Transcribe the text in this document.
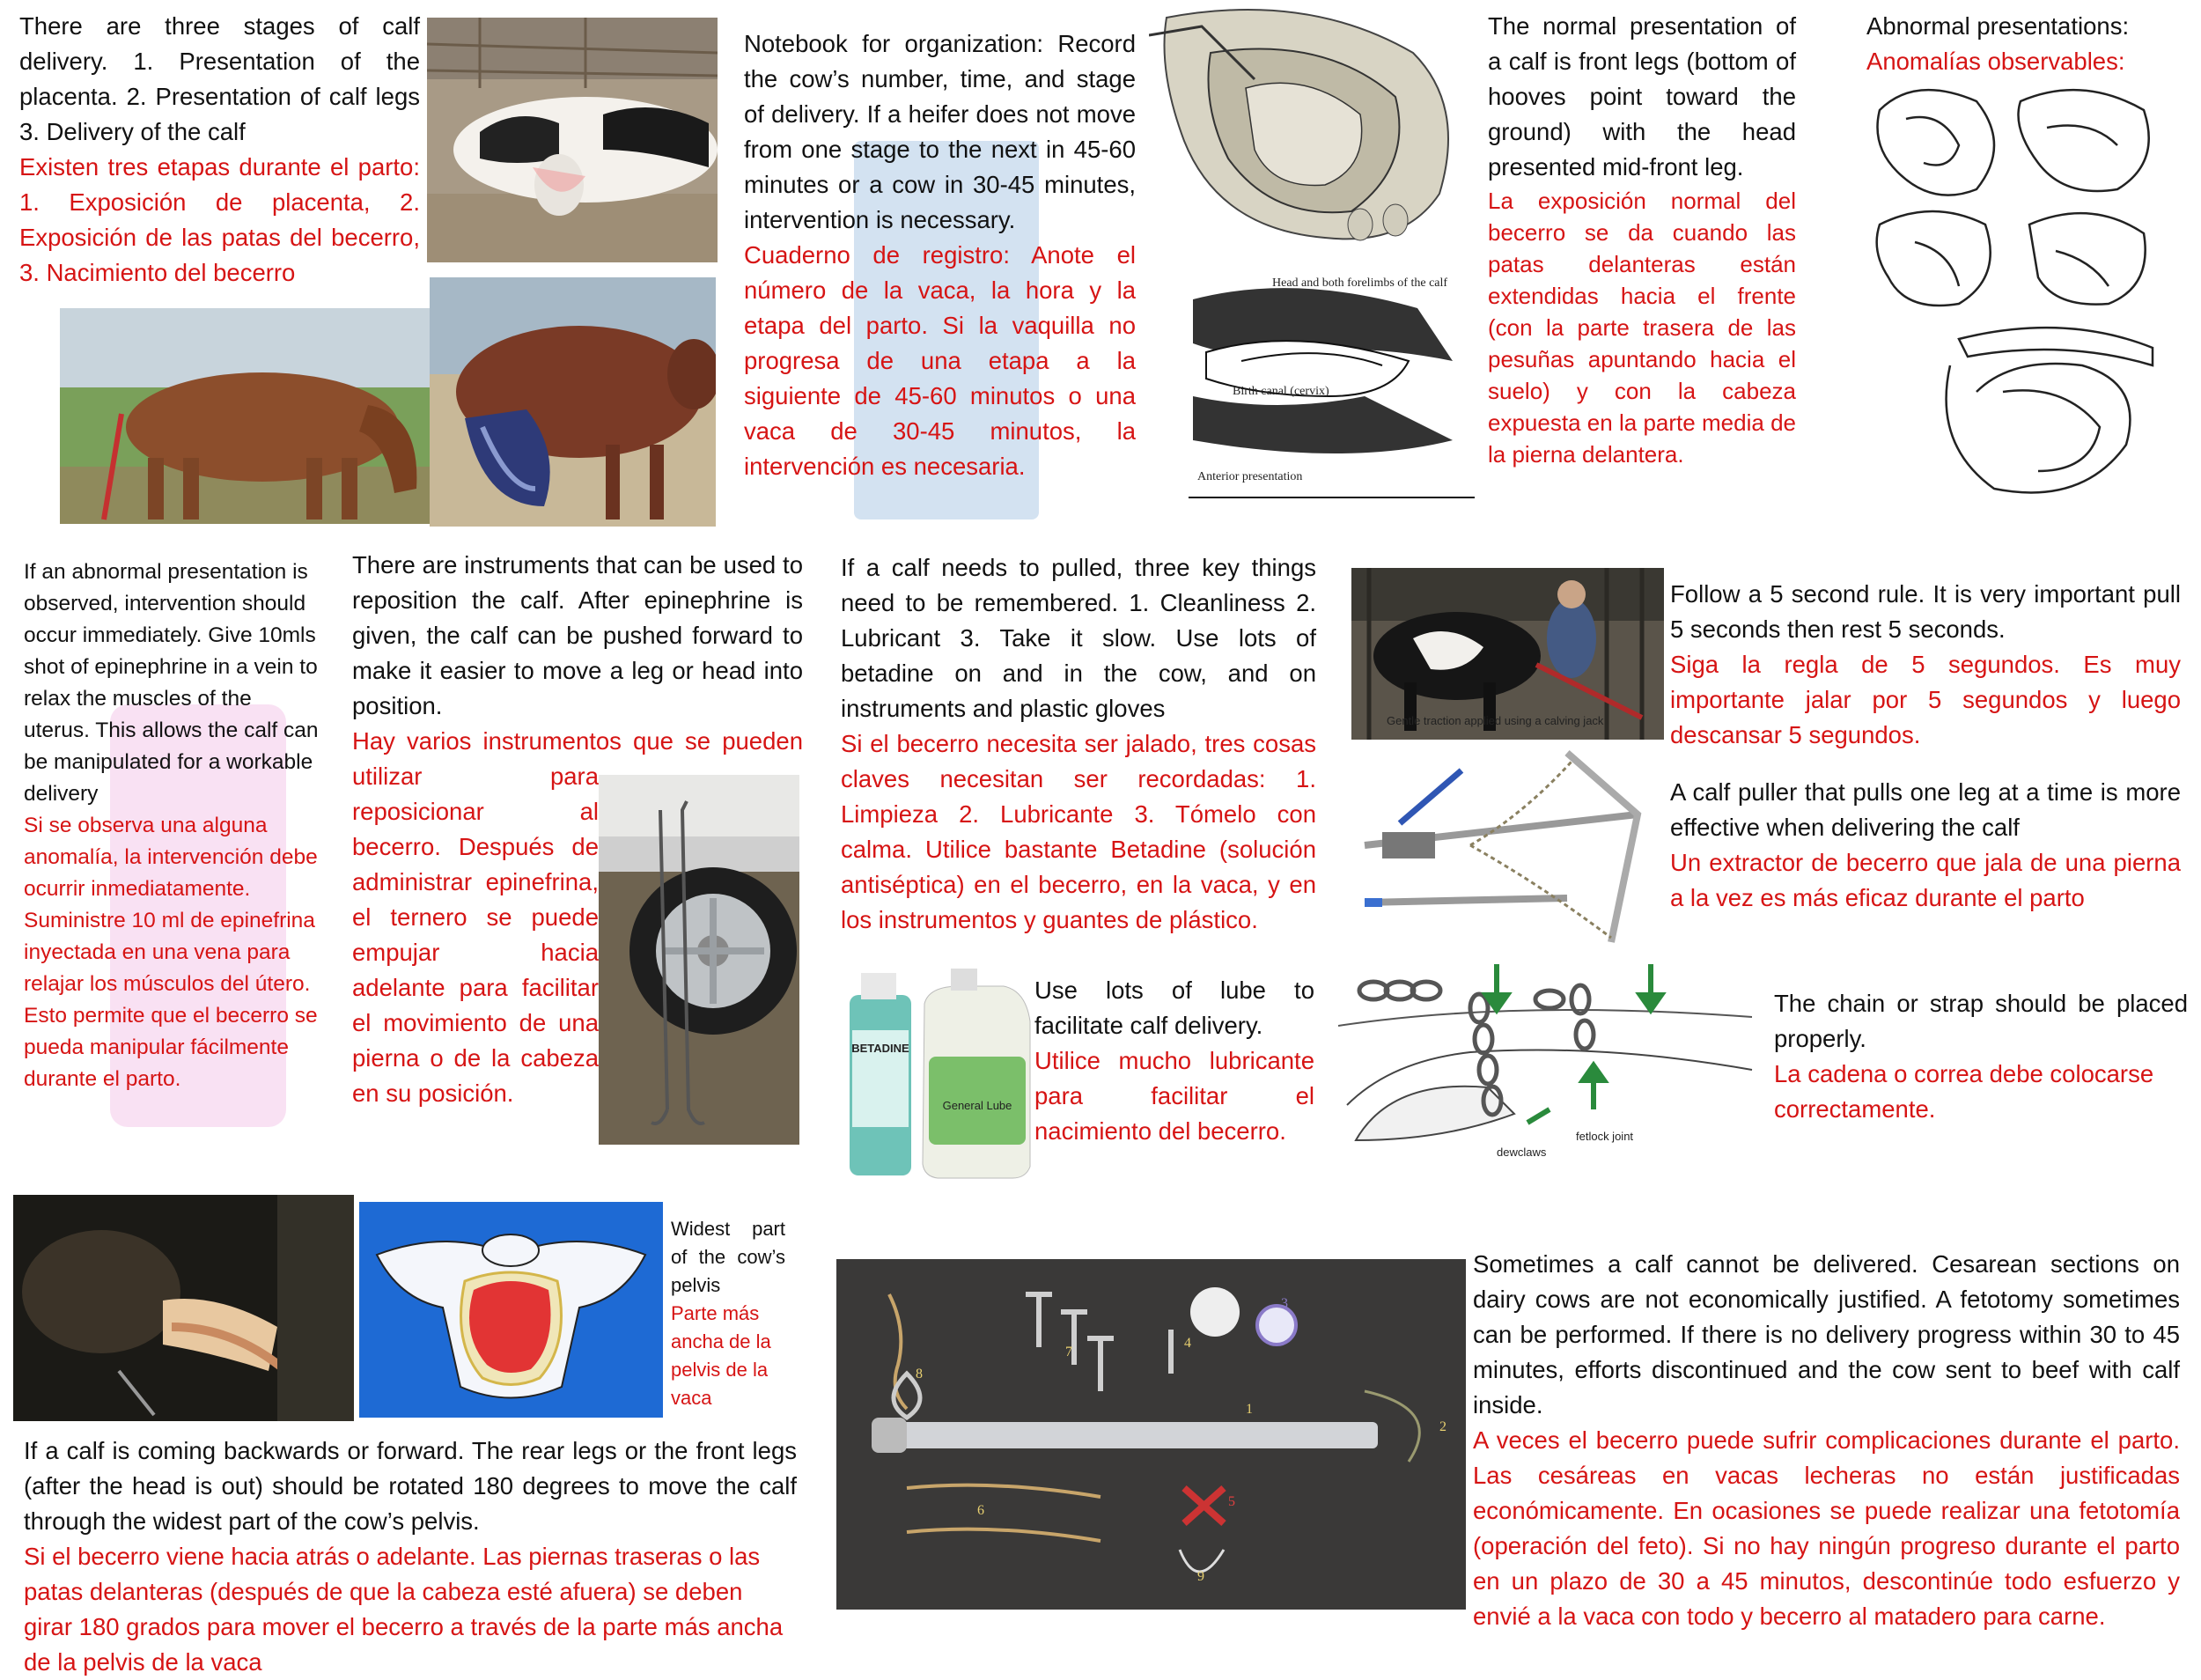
There are three stages of calf delivery. 1. Presentation of the placenta. 2. Presentation of calf legs 3. Delivery of the calf

Existen tres etapas durante el parto: 1. Exposición de placenta, 2. Exposición de las patas del becerro, 3. Nacimiento del becerro

Notebook for organization: Record the cow’s number, time, and stage of delivery. If a heifer does not move from one stage to the next in 45-60 minutes or a cow in 30-45 minutes, intervention is necessary.

Cuaderno de registro: Anote el número de la vaca, la hora y la etapa del parto. Si la vaquilla no progresa de una etapa a la siguiente de 45-60 minutos o una vaca de 30-45 minutos, la intervención es necesaria.

Head and both forelimbs of the calf
Birth canal (cervix)
Anterior presentation

The normal presentation of a calf is front legs (bottom of hooves point toward the ground) with the head presented mid-front leg.

La exposición normal del becerro se da cuando las patas delanteras están extendidas hacia el frente (con la parte trasera de las pesuñas apuntando hacia el suelo) y con la cabeza expuesta en la parte media de la pierna delantera.

Abnormal presentations:

Anomalías observables:

If an abnormal presentation is observed, intervention should occur immediately. Give 10mls shot of epinephrine in a vein to relax the muscles of the uterus. This allows the calf can be manipulated for a workable delivery

Si se observa una alguna anomalía, la intervención debe ocurrir inmediatamente. Suministre 10 ml de epinefrina inyectada en una vena para relajar los músculos del útero. Esto permite que el becerro se pueda manipular fácilmente durante el parto.

There are instruments that can be used to reposition the calf. After epinephrine is given, the calf can be pushed forward to make it easier to move a leg or head into position.

Hay varios instrumentos que se pueden utilizar para reposicionar al becerro. Después de administrar epinefrina, el ternero se puede empujar hacia adelante para facilitar el movimiento de una pierna o de la cabeza en su posición.

If a calf needs to pulled, three key things need to be remembered. 1. Cleanliness 2. Lubricant 3. Take it slow. Use lots of betadine on and in the cow, and on instruments and plastic gloves

Si el becerro necesita ser jalado, tres cosas claves necesitan ser recordadas: 1. Limpieza 2. Lubricante 3. Tómelo con calma. Utilice bastante Betadine (solución antiséptica) en el becerro, en la vaca, y en los instrumentos y guantes de plástico.

BETADINE
General Lube

Use lots of lube to facilitate calf delivery.

Utilice mucho lubricante para facilitar el nacimiento del becerro.

Gentle traction applied using a calving jack

Follow a 5 second rule. It is very important pull 5 seconds then rest 5 seconds.

Siga la regla de 5 segundos. Es muy importante jalar por 5 segundos y luego descansar 5 segundos.

A calf puller that pulls one leg at a time is more effective when delivering the calf

Un extractor de becerro que jala de una pierna a la vez es más eficaz durante el parto

dewclaws
fetlock joint

The chain or strap should be placed properly.

La cadena o correa debe colocarse correctamente.

Widest part of the cow’s pelvis

Parte más ancha de la pelvis de la vaca

If a calf is coming backwards or forward. The rear legs or the front legs (after the head is out) should be rotated 180 degrees to move the calf through the widest part of the cow’s pelvis.

Si el becerro viene hacia atrás o adelante. Las piernas traseras o las patas delanteras (después de que la cabeza esté afuera) se deben girar 180 grados para mover el becerro a través de la parte más ancha de la pelvis de la vaca

1
2
3
4
5
6
7
8
9

Sometimes a calf cannot be delivered. Cesarean sections on dairy cows are not economically justified. A fetotomy sometimes can be performed. If there is no delivery progress within 30 to 45 minutes, efforts discontinued and the cow sent to beef with calf inside.

A veces el becerro puede sufrir complicaciones durante el parto. Las cesáreas en vacas lecheras no están justificadas económicamente. En ocasiones se puede realizar una fetotomía (operación del feto). Si no hay ningún progreso durante el parto en un plazo de 30 a 45 minutos, descontinúe todo esfuerzo y envié a la vaca con todo y becerro al matadero para carne.
